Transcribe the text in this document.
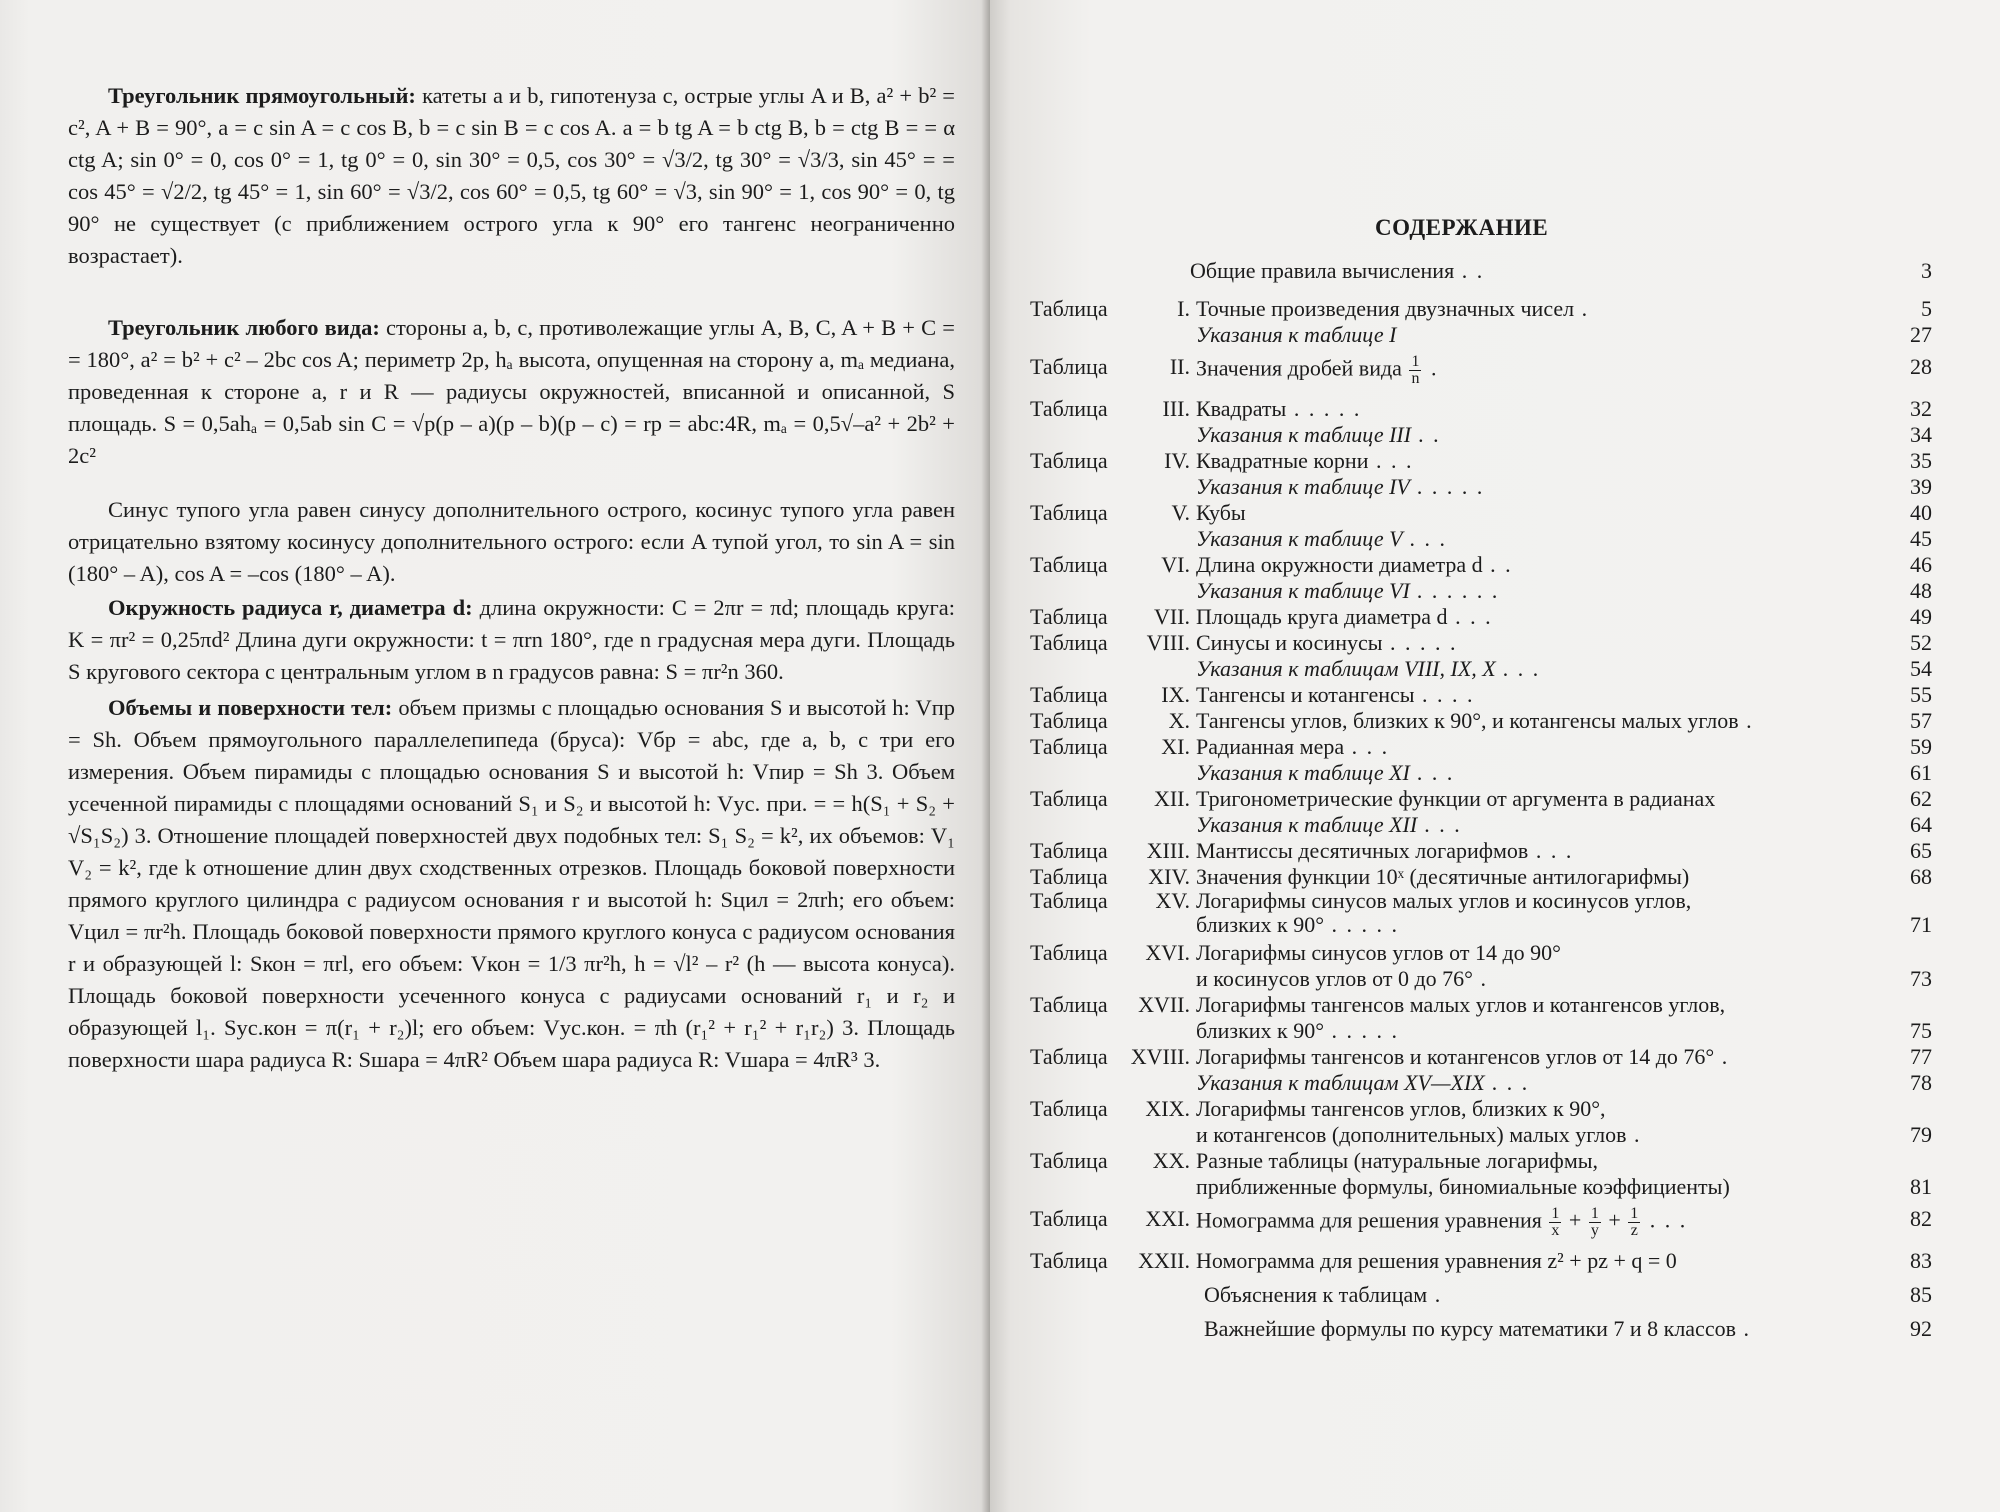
Треугольник прямоугольный: катеты a и b, гипотенуза c, острые углы A и B, a² + b² = c², A + B = 90°, a = c sin A = c cos B, b = c sin B = c cos A. a = b tg A = b ctg B, b = ctg B = = α ctg A; sin 0° = 0, cos 0° = 1, tg 0° = 0, sin 30° = 0,5, cos 30° = √3/2, tg 30° = √3/3, sin 45° = = cos 45° = √2/2, tg 45° = 1, sin 60° = √3/2, cos 60° = 0,5, tg 60° = √3, sin 90° = 1, cos 90° = 0, tg 90° не существует (с приближением острого угла к 90° его тангенс неограниченно возрастает).

Треугольник любого вида: стороны a, b, c, противолежащие углы A, B, C, A + B + C = = 180°, a² = b² + c² – 2bc cos A; периметр 2p, hₐ высота, опущенная на сторону a, mₐ медиана, проведенная к стороне a, r и R — радиусы окружностей, вписанной и описанной, S площадь. S = 0,5ahₐ = 0,5ab sin C = √p(p – a)(p – b)(p – c) = rp = abc:4R, mₐ = 0,5√–a² + 2b² + 2c²

Синус тупого угла равен синусу дополнительного острого, косинус тупого угла равен отрицательно взятому косинусу дополнительного острого: если A тупой угол, то sin A = sin (180° – A), cos A = –cos (180° – A).

Окружность радиуса r, диаметра d: длина окружности: C = 2πr = πd; площадь круга: K = πr² = 0,25πd² Длина дуги окружности: t = πrn 180°, где n градусная мера дуги. Площадь S кругового сектора с центральным углом в n градусов равна: S = πr²n 360.

Объемы и поверхности тел: объем призмы с площадью основания S и высотой h: Vпр = Sh. Объем прямоугольного параллелепипеда (бруса): Vбр = abc, где a, b, c три его измерения. Объем пирамиды с площадью основания S и высотой h: Vпир = Sh 3. Объем усеченной пирамиды с площадями оснований S₁ и S₂ и высотой h: Vус. при. = = h(S₁ + S₂ + √S₁S₂) 3. Отношение площадей поверхностей двух подобных тел: S₁ S₂ = k², их объемов: V₁ V₂ = k², где k отношение длин двух сходственных отрезков. Площадь боковой поверхности прямого круглого цилиндра с радиусом основания r и высотой h: Sцил = 2πrh; его объем: Vцил = πr²h. Площадь боковой поверхности прямого круглого конуса с радиусом основания r и образующей l: Sкон = πrl, его объем: Vкон = 1/3 πr²h, h = √l² – r² (h — высота конуса). Площадь боковой поверхности усеченного конуса с радиусами оснований r₁ и r₂ и образующей l₁. Sус.кон = π(r₁ + r₂)l; его объем: Vус.кон. = πh (r₁² + r₁² + r₁r₂) 3. Площадь поверхности шара радиуса R: Sшара = 4πR² Объем шара радиуса R: Vшара = 4πR³ 3.

СОДЕРЖАНИЕ
Общие правила вычисления . .	3
Таблица	I. Точные произведения двузначных чисел .	5
Указания к таблице I	27
Таблица	II. Значения дробей вида $\frac{1}{n}$ .	28
Таблица	III. Квадраты . . . . .	32
Указания к таблице III . .	34
Таблица	IV. Квадратные корни . . .	35
Указания к таблице IV . . . . .	39
Таблица	V. Кубы	40
Указания к таблице V . . .	45
Таблица	VI. Длина окружности диаметра d . .	46
Указания к таблице VI . . . . . .	48
Таблица	VII. Площадь круга диаметра d . . .	49
Таблица	VIII. Синусы и косинусы . . . . .	52
Указания к таблицам VIII, IX, X . . .	54
Таблица	IX. Тангенсы и котангенсы . . . .	55
Таблица	X. Тангенсы углов, близких к 90°, и котангенсы малых углов .	57
Таблица	XI. Радианная мера . . .	59
Указания к таблице XI . . .	61
Таблица	XII. Тригонометрические функции от аргумента в радианах	62
Указания к таблице XII . . .	64
Таблица	XIII. Мантиссы десятичных логарифмов . . .	65
Таблица	XIV. Значения функции 10ˣ (десятичные антилогарифмы)	68
Таблица	XV. Логарифмы синусов малых углов и косинусов углов,
близких к 90° . . . . .	71
Таблица	XVI. Логарифмы синусов углов от 14 до 90°
и косинусов углов от 0 до 76° .	73
Таблица	XVII. Логарифмы тангенсов малых углов и котангенсов углов,
близких к 90° . . . . .	75
Таблица	XVIII. Логарифмы тангенсов и котангенсов углов от 14 до 76° .	77
Указания к таблицам XV—XIX . . .	78
Таблица	XIX. Логарифмы тангенсов углов, близких к 90°,
и котангенсов (дополнительных) малых углов .	79
Таблица	XX. Разные таблицы (натуральные логарифмы,
приближенные формулы, биномиальные коэффициенты)	81
Таблица	XXI. Номограмма для решения уравнения $\frac{1}{x} + \frac{1}{y} + \frac{1}{z}$ . . .	82
Таблица	XXII. Номограмма для решения уравнения z² + pz + q = 0	83
Объяснения к таблицам .	85
Важнейшие формулы по курсу математики 7 и 8 классов .	92
